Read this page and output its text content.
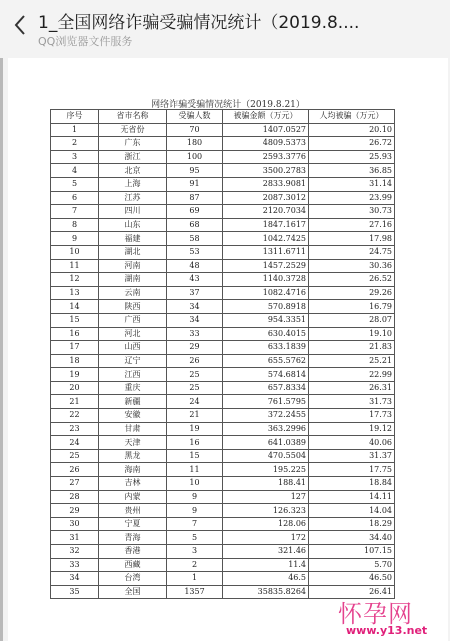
1_全国网络诈骗受骗情况统计（2019.8....
QQ浏览器文件服务
网络诈骗受骗情况统计（2019.8.21）
序号	省市名称	受骗人数	被骗金额（万元）	人均被骗（万元）
1	无省份	70	1407.0527	20.10
2	广东	180	4809.5373	26.72
3	浙江	100	2593.3776	25.93
4	北京	95	3500.2783	36.85
5	上海	91	2833.9081	31.14
6	江苏	87	2087.3012	23.99
7	四川	69	2120.7034	30.73
8	山东	68	1847.1617	27.16
9	福建	58	1042.7425	17.98
10	湖北	53	1311.6711	24.75
11	河南	48	1457.2529	30.36
12	湖南	43	1140.3728	26.52
13	云南	37	1082.4716	29.26
14	陕西	34	570.8918	16.79
15	广西	34	954.3351	28.07
16	河北	33	630.4015	19.10
17	山西	29	633.1839	21.83
18	辽宁	26	655.5762	25.21
19	江西	25	574.6814	22.99
20	重庆	25	657.8334	26.31
21	新疆	24	761.5795	31.73
22	安徽	21	372.2455	17.73
23	甘肃	19	363.2996	19.12
24	天津	16	641.0389	40.06
25	黑龙	15	470.5504	31.37
26	海南	11	195.225	17.75
27	吉林	10	188.41	18.84
28	内蒙	9	127	14.11
29	贵州	9	126.323	14.04
30	宁夏	7	128.06	18.29
31	青海	5	172	34.40
32	香港	3	321.46	107.15
33	西藏	2	11.4	5.70
34	台湾	1	46.5	46.50
35	全国	1357	35835.8264	26.41
怀孕网
www.y13.net
